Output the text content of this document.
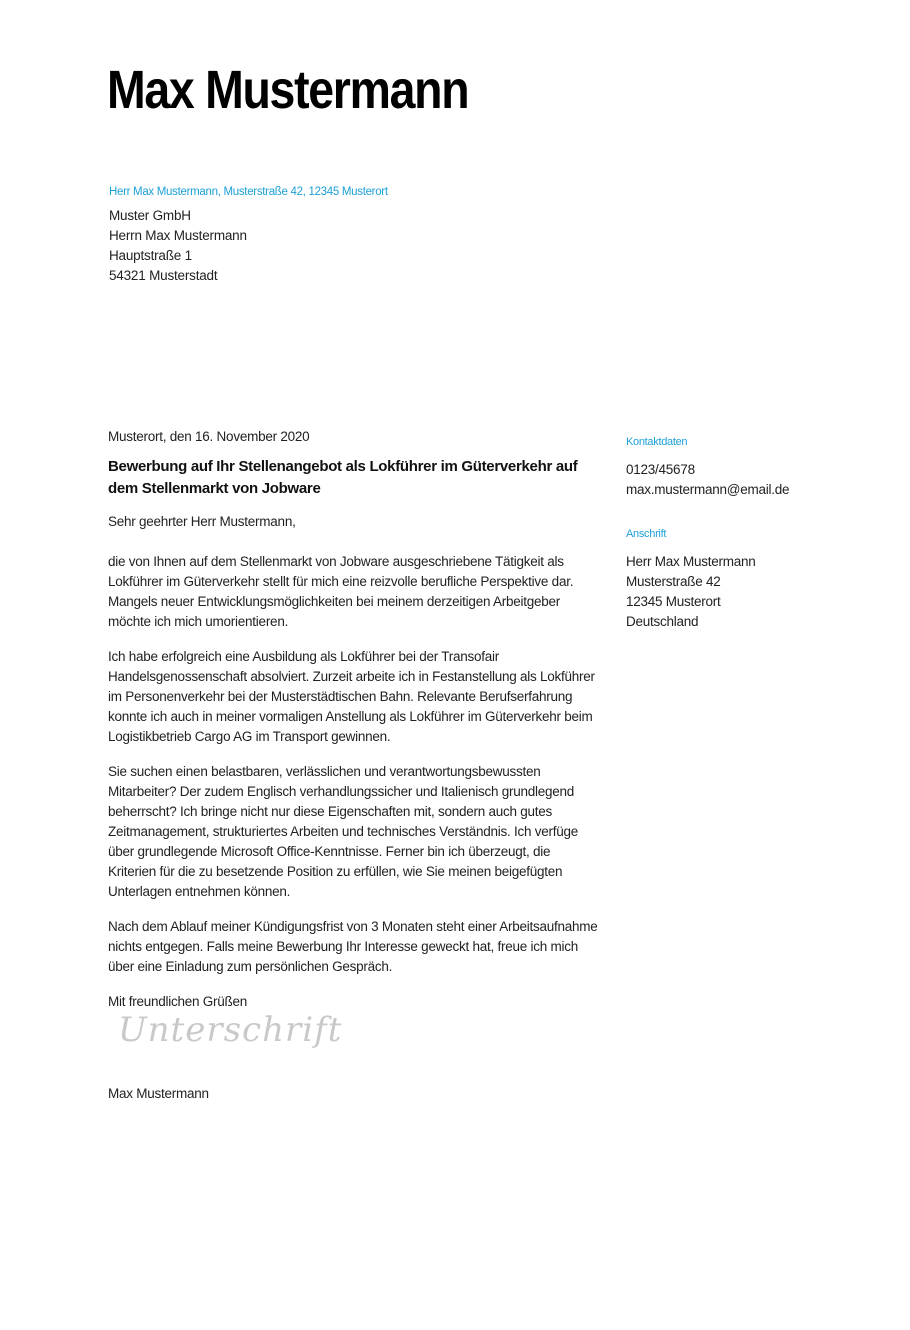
Max Mustermann
Herr Max Mustermann, Musterstraße 42, 12345 Musterort
Muster GmbH
Herrn Max Mustermann
Hauptstraße 1
54321 Musterstadt
Musterort, den 16. November 2020
Bewerbung auf Ihr Stellenangebot als Lokführer im Güterverkehr auf dem Stellenmarkt von Jobware
Sehr geehrter Herr Mustermann,

die von Ihnen auf dem Stellenmarkt von Jobware ausgeschriebene Tätigkeit als Lokführer im Güterverkehr stellt für mich eine reizvolle berufliche Perspektive dar. Mangels neuer Entwicklungsmöglichkeiten bei meinem derzeitigen Arbeitgeber möchte ich mich umorientieren.

Ich habe erfolgreich eine Ausbildung als Lokführer bei der Transofair Handelsgenossenschaft absolviert. Zurzeit arbeite ich in Festanstellung als Lokführer im Personenverkehr bei der Musterstädtischen Bahn. Relevante Berufserfahrung konnte ich auch in meiner vormaligen Anstellung als Lokführer im Güterverkehr beim Logistikbetrieb Cargo AG im Transport gewinnen.

Sie suchen einen belastbaren, verlässlichen und verantwortungsbewussten Mitarbeiter? Der zudem Englisch verhandlungssicher und Italienisch grundlegend beherrscht? Ich bringe nicht nur diese Eigenschaften mit, sondern auch gutes Zeitmanagement, strukturiertes Arbeiten und technisches Verständnis. Ich verfüge über grundlegende Microsoft Office-Kenntnisse. Ferner bin ich überzeugt, die Kriterien für die zu besetzende Position zu erfüllen, wie Sie meinen beigefügten Unterlagen entnehmen können.

Nach dem Ablauf meiner Kündigungsfrist von 3 Monaten steht einer Arbeitsaufnahme nichts entgegen. Falls meine Bewerbung Ihr Interesse geweckt hat, freue ich mich über eine Einladung zum persönlichen Gespräch.

Mit freundlichen Grüßen
Unterschrift
Max Mustermann
Kontaktdaten
0123/45678
max.mustermann@email.de
Anschrift
Herr Max Mustermann
Musterstraße 42
12345 Musterort
Deutschland
